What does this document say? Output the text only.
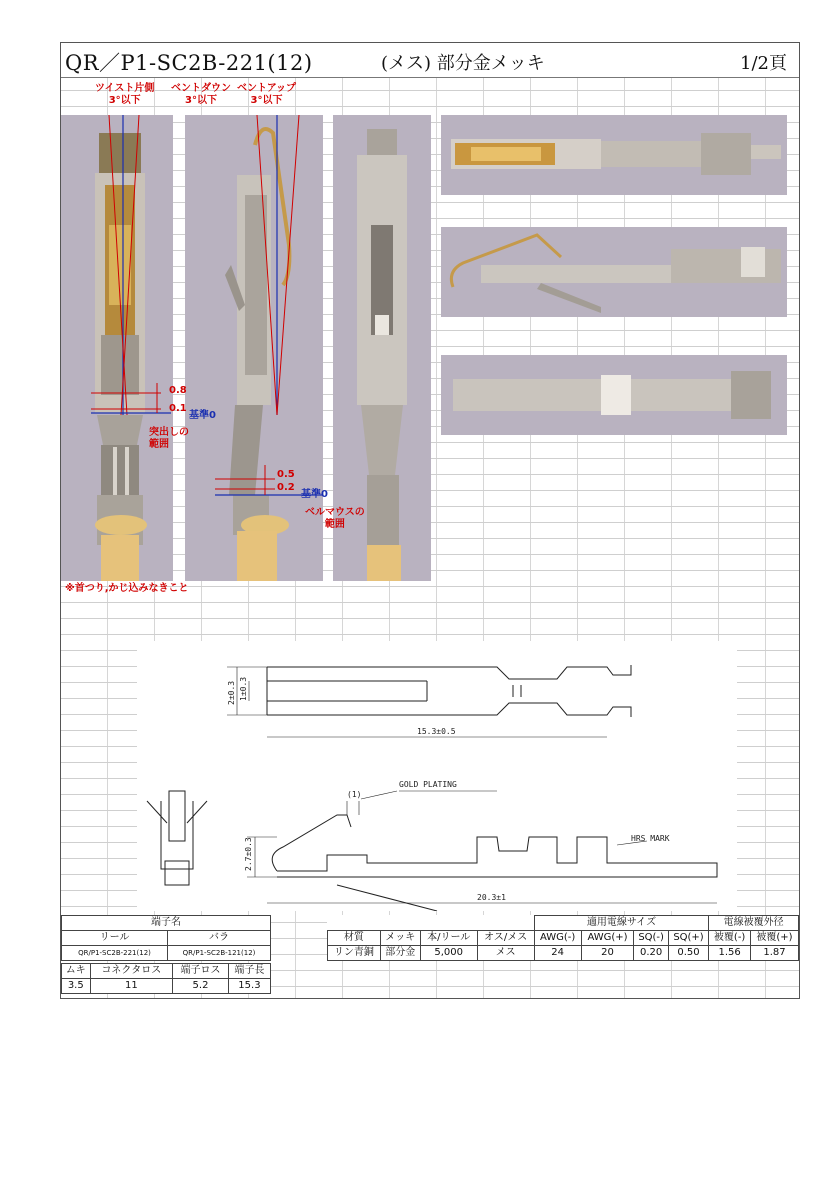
QR／P1-SC2B-221(12)	(メス) 部分金メッキ	1/2頁
ツイスト片側
3°以下
ベントダウン
3°以下
ベントアップ
3°以下
0.8
0.1
基準0
突出しの
範囲
0.5
0.2
基準0
ベルマウスの
範囲
※首つり,かじ込みなきこと
2±0.3 1±0.3
15.3±0.5
GOLD PLATING
(1)
2.7±0.3	HRS MARK
20.3±1
端子名	
リール	バラ
QR/P1-SC2B-221(12)	QR/P1-SC2B-121(12)
				適用電線サイズ				電線被覆外径	
材質	メッキ	本/リール	オス/メス	AWG(-)	AWG(+)	SQ(-)	SQ(+)	被覆(-)	被覆(+)
リン青銅	部分金	5,000	メス	24	20	0.20	0.50	1.56	1.87
ムキ	コネクタロス	端子ロス	端子長
3.5	11	5.2	15.3
